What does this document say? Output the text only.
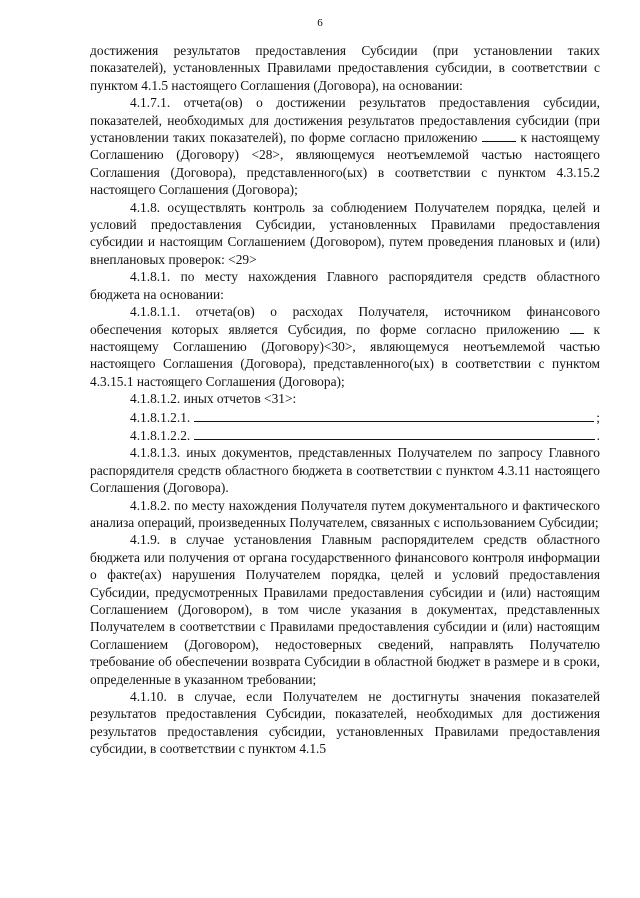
6

достижения результатов предоставления Субсидии (при установлении таких показателей), установленных Правилами предоставления субсидии, в соответствии с пунктом 4.1.5 настоящего Соглашения (Договора), на основании:

4.1.7.1. отчета(ов) о достижении результатов предоставления субсидии, показателей, необходимых для достижения результатов предоставления субсидии (при установлении таких показателей), по форме согласно приложению	к настоящему Соглашению (Договору) <28>, являющемуся неотъемлемой частью настоящего Соглашения (Договора), представленного(ых) в соответствии с пунктом 4.3.15.2 настоящего Соглашения (Договора);

4.1.8. осуществлять контроль за соблюдением Получателем порядка, целей и условий предоставления Субсидии, установленных Правилами предоставления субсидии и настоящим Соглашением (Договором), путем проведения плановых и (или) внеплановых проверок: <29>

4.1.8.1. по месту нахождения Главного распорядителя средств областного бюджета на основании:

4.1.8.1.1. отчета(ов) о расходах Получателя, источником финансового обеспечения которых является Субсидия, по форме согласно приложению	к настоящему Соглашению (Договору)<30>, являющемуся неотъемлемой частью настоящего Соглашения (Договора), представленного(ых) в соответствии с пунктом 4.3.15.1 настоящего Соглашения (Договора);

4.1.8.1.2. иных отчетов <31>:

4.1.8.1.2.1.	;
4.1.8.1.2.2.	.

4.1.8.1.3. иных документов, представленных Получателем по запросу Главного распорядителя средств областного бюджета в соответствии с пунктом 4.3.11 настоящего Соглашения (Договора).

4.1.8.2. по месту нахождения Получателя путем документального и фактического анализа операций, произведенных Получателем, связанных с использованием Субсидии;

4.1.9. в случае установления Главным распорядителем средств областного бюджета или получения от органа государственного финансового контроля информации о факте(ах) нарушения Получателем порядка, целей и условий предоставления Субсидии, предусмотренных Правилами предоставления субсидии и (или) настоящим Соглашением (Договором), в том числе указания в документах, представленных Получателем в соответствии с Правилами предоставления субсидии и (или) настоящим Соглашением (Договором), недостоверных сведений, направлять Получателю требование об обеспечении возврата Субсидии в областной бюджет в размере и в сроки, определенные в указанном требовании;

4.1.10. в случае, если Получателем не достигнуты значения показателей результатов предоставления Субсидии, показателей, необходимых для достижения результатов предоставления субсидии, установленных Правилами предоставления субсидии, в соответствии с пунктом 4.1.5
